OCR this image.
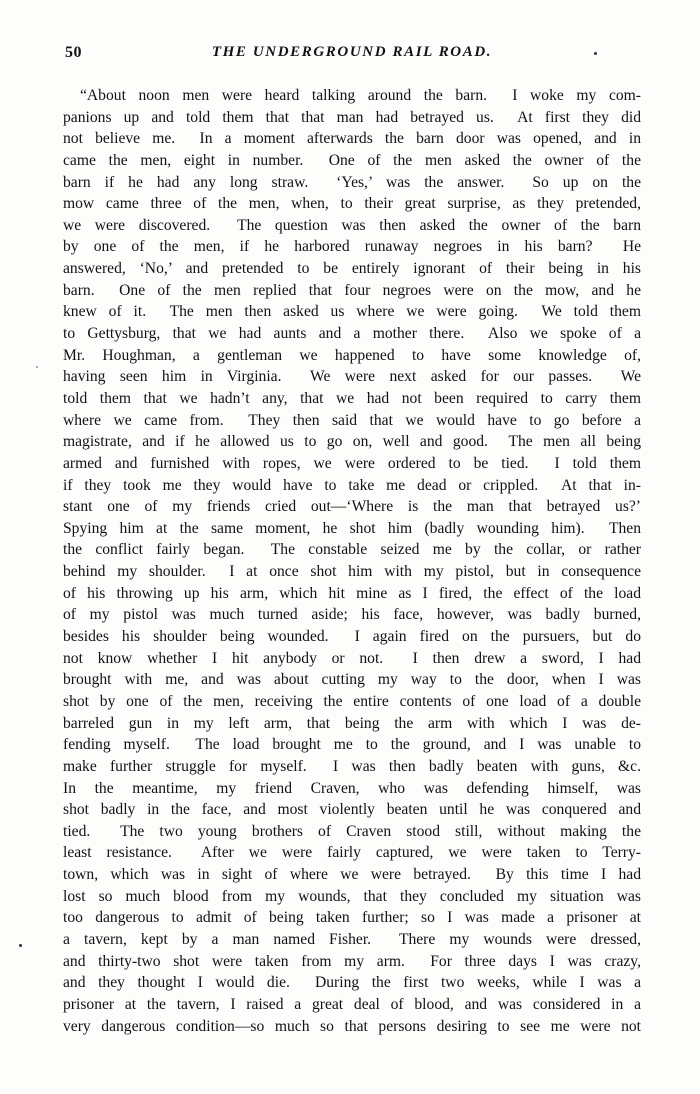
50	THE UNDERGROUND RAIL ROAD.
“About noon men were heard talking around the barn.  I woke my com-
panions up and told them that that man had betrayed us.  At first they did
not believe me.  In a moment afterwards the barn door was opened, and in
came the men, eight in number.  One of the men asked the owner of the
barn if he had any long straw.  ‘Yes,’ was the answer.  So up on the
mow came three of the men, when, to their great surprise, as they pretended,
we were discovered.  The question was then asked the owner of the barn
by one of the men, if he harbored runaway negroes in his barn?  He
answered, ‘No,’ and pretended to be entirely ignorant of their being in his
barn.  One of the men replied that four negroes were on the mow, and he
knew of it.  The men then asked us where we were going.  We told them
to Gettysburg, that we had aunts and a mother there.  Also we spoke of a
Mr. Houghman, a gentleman we happened to have some knowledge of,
having seen him in Virginia.  We were next asked for our passes.  We
told them that we hadn’t any, that we had not been required to carry them
where we came from.  They then said that we would have to go before a
magistrate, and if he allowed us to go on, well and good.  The men all being
armed and furnished with ropes, we were ordered to be tied.  I told them
if they took me they would have to take me dead or crippled.  At that in-
stant one of my friends cried out—‘Where is the man that betrayed us?’
Spying him at the same moment, he shot him (badly wounding him).  Then
the conflict fairly began.  The constable seized me by the collar, or rather
behind my shoulder.  I at once shot him with my pistol, but in consequence
of his throwing up his arm, which hit mine as I fired, the effect of the load
of my pistol was much turned aside; his face, however, was badly burned,
besides his shoulder being wounded.  I again fired on the pursuers, but do
not know whether I hit anybody or not.  I then drew a sword, I had
brought with me, and was about cutting my way to the door, when I was
shot by one of the men, receiving the entire contents of one load of a double
barreled gun in my left arm, that being the arm with which I was de-
fending myself.  The load brought me to the ground, and I was unable to
make further struggle for myself.  I was then badly beaten with guns, &c.
In the meantime, my friend Craven, who was defending himself, was
shot badly in the face, and most violently beaten until he was conquered and
tied.  The two young brothers of Craven stood still, without making the
least resistance.  After we were fairly captured, we were taken to Terry-
town, which was in sight of where we were betrayed.  By this time I had
lost so much blood from my wounds, that they concluded my situation was
too dangerous to admit of being taken further; so I was made a prisoner at
a tavern, kept by a man named Fisher.  There my wounds were dressed,
and thirty-two shot were taken from my arm.  For three days I was crazy,
and they thought I would die.  During the first two weeks, while I was a
prisoner at the tavern, I raised a great deal of blood, and was considered in a
very dangerous condition—so much so that persons desiring to see me were not
